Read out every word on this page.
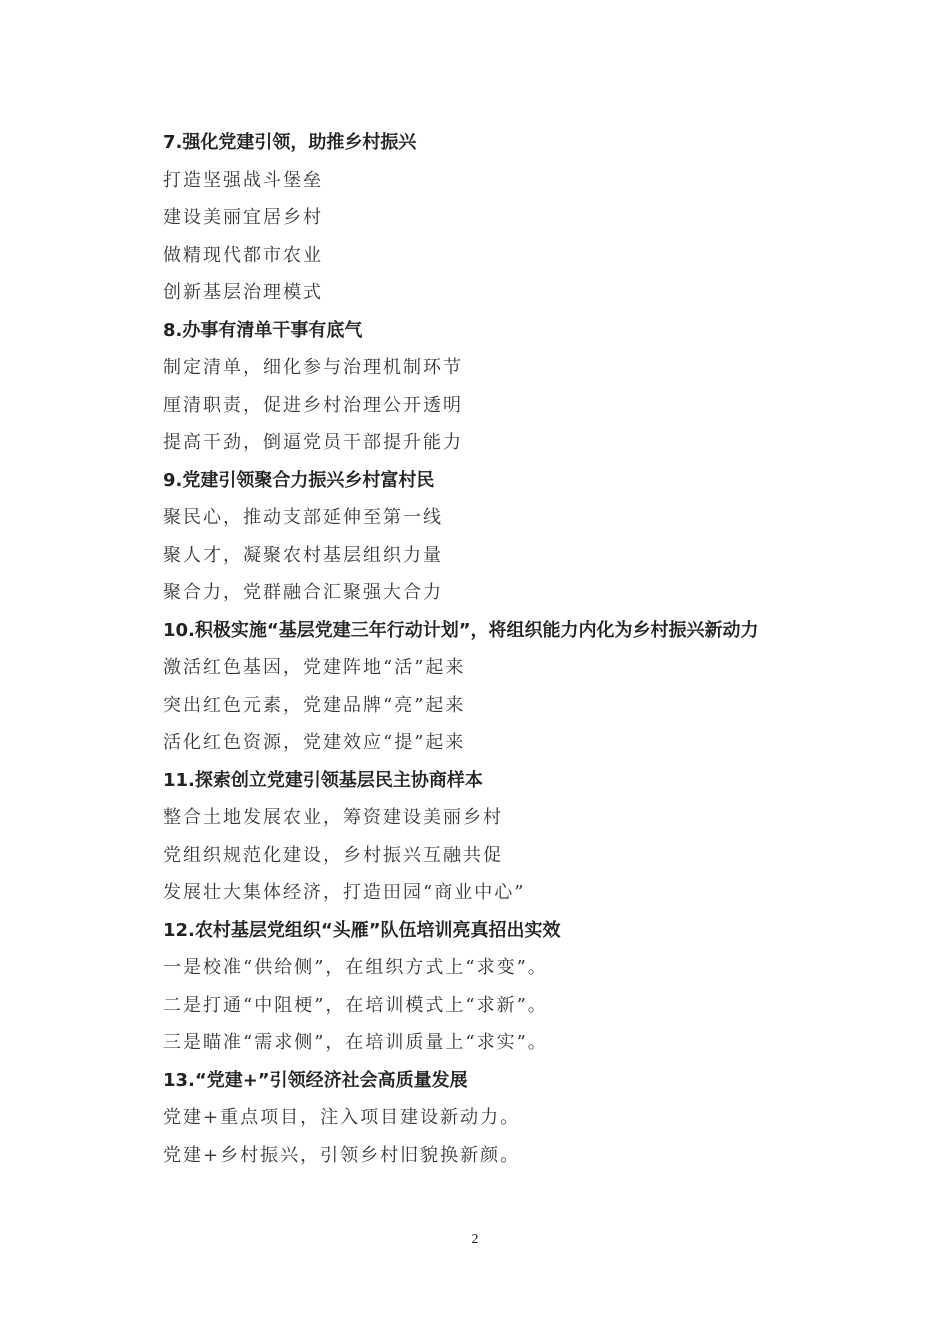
7.强化党建引领，助推乡村振兴
打造坚强战斗堡垒
建设美丽宜居乡村
做精现代都市农业
创新基层治理模式
8.办事有清单干事有底气
制定清单，细化参与治理机制环节
厘清职责，促进乡村治理公开透明
提高干劲，倒逼党员干部提升能力
9.党建引领聚合力振兴乡村富村民
聚民心，推动支部延伸至第一线
聚人才，凝聚农村基层组织力量
聚合力，党群融合汇聚强大合力
10.积极实施“基层党建三年行动计划”，将组织能力内化为乡村振兴新动力
激活红色基因，党建阵地“活”起来
突出红色元素，党建品牌“亮”起来
活化红色资源，党建效应“提”起来
11.探索创立党建引领基层民主协商样本
整合土地发展农业，筹资建设美丽乡村
党组织规范化建设，乡村振兴互融共促
发展壮大集体经济，打造田园“商业中心”
12.农村基层党组织“头雁”队伍培训亮真招出实效
一是校准“供给侧”，在组织方式上“求变”。
二是打通“中阻梗”，在培训模式上“求新”。
三是瞄准“需求侧”，在培训质量上“求实”。
13.“党建+”引领经济社会高质量发展
党建+重点项目，注入项目建设新动力。
党建+乡村振兴，引领乡村旧貌换新颜。
2
